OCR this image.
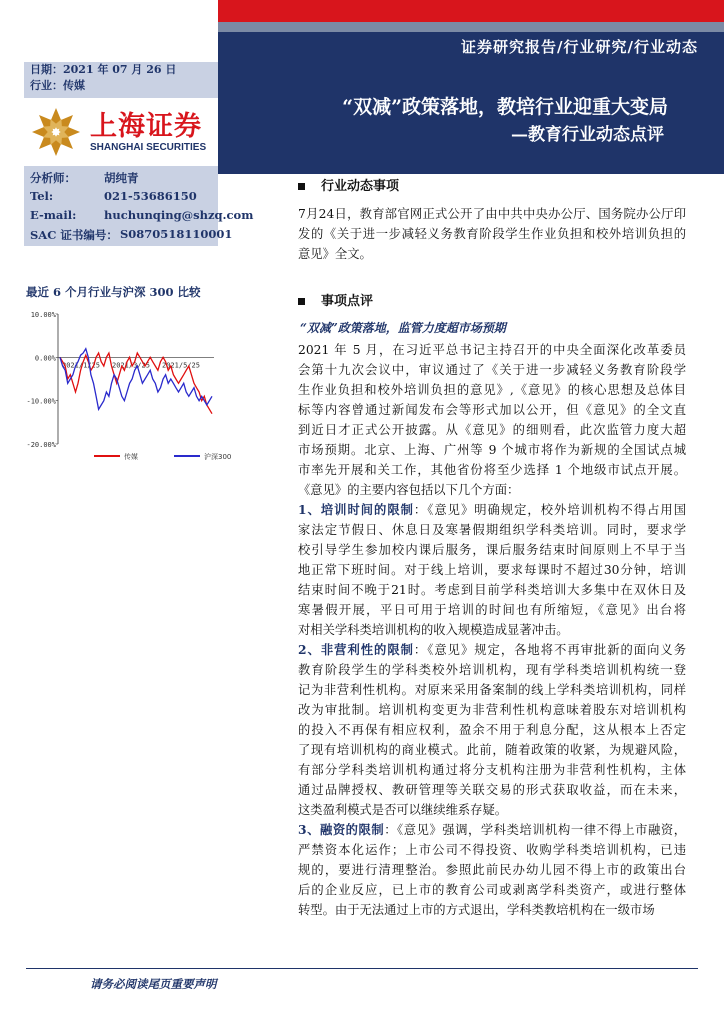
证券研究报告/行业研究/行业动态
日期：2021 年 07 月 26 日
行业：传媒
“双减”政策落地，教培行业迎重大变局
—教育行业动态点评
上海证券
SHANGHAI SECURITIES
分析师： 胡纯青
Tel:	021-53686150
E-mail: huchunqing@shzq.com
SAC 证书编号： S0870518110001
最近 6 个月行业与沪深 300 比较
10.00%
0.00%
-10.00%
-20.00%
2021/1/25 2021/3/25 2021/5/25
传媒	沪深300
行业动态事项
7月24日，教育部官网正式公开了由中共中央办公厅、国务院办公厅印
发的《关于进一步减轻义务教育阶段学生作业负担和校外培训负担的
意见》全文。
事项点评
“双减”政策落地，监管力度超市场预期
2021 年 5 月，在习近平总书记主持召开的中央全面深化改革委员
会第十九次会议中，审议通过了《关于进一步减轻义务教育阶段学
生作业负担和校外培训负担的意见》,《意见》的核心思想及总体目
标等内容曾通过新闻发布会等形式加以公开，但《意见》的全文直
到近日才正式公开披露。从《意见》的细则看，此次监管力度大超
市场预期。北京、上海、广州等 9 个城市将作为新规的全国试点城
市率先开展和关工作，其他省份将至少选择 1 个地级市试点开展。
《意见》的主要内容包括以下几个方面：
1、培训时间的限制：《意见》明确规定，校外培训机构不得占用国
家法定节假日、休息日及寒暑假期组织学科类培训。同时，要求学
校引导学生参加校内课后服务，课后服务结束时间原则上不早于当
地正常下班时间。对于线上培训，要求每课时不超过30分钟，培训
结束时间不晚于21时。考虑到目前学科类培训大多集中在双休日及
寒暑假开展，平日可用于培训的时间也有所缩短，《意见》出台将
对相关学科类培训机构的收入规模造成显著冲击。
2、非营利性的限制：《意见》规定，各地将不再审批新的面向义务
教育阶段学生的学科类校外培训机构，现有学科类培训机构统一登
记为非营利性机构。对原来采用备案制的线上学科类培训机构，同样
改为审批制。培训机构变更为非营利性机构意味着股东对培训机构
的投入不再保有相应权利，盈余不用于利息分配，这从根本上否定
了现有培训机构的商业模式。此前，随着政策的收紧，为规避风险，
有部分学科类培训机构通过将分支机构注册为非营利性机构，主体
通过品牌授权、教研管理等关联交易的形式获取收益，而在未来，
这类盈利模式是否可以继续维系存疑。
3、融资的限制：《意见》强调，学科类培训机构一律不得上市融资，
严禁资本化运作；上市公司不得投资、收购学科类培训机构，已违
规的，要进行清理整治。参照此前民办幼儿园不得上市的政策出台
后的企业反应，已上市的教育公司或剥离学科类资产，或进行整体
转型。由于无法通过上市的方式退出，学科类教培机构在一级市场
请务必阅读尾页重要声明
